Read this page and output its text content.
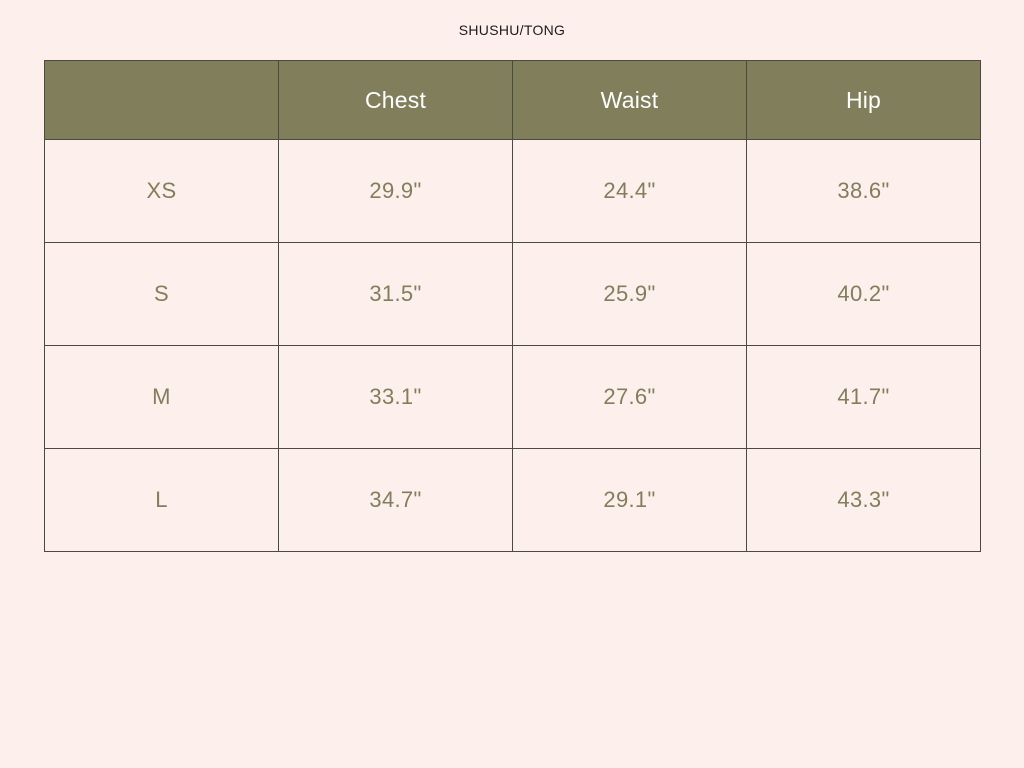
SHUSHU/TONG
	Chest	Waist	Hip
XS	29.9"	24.4"	38.6"
S	31.5"	25.9"	40.2"
M	33.1"	27.6"	41.7"
L	34.7"	29.1"	43.3"
